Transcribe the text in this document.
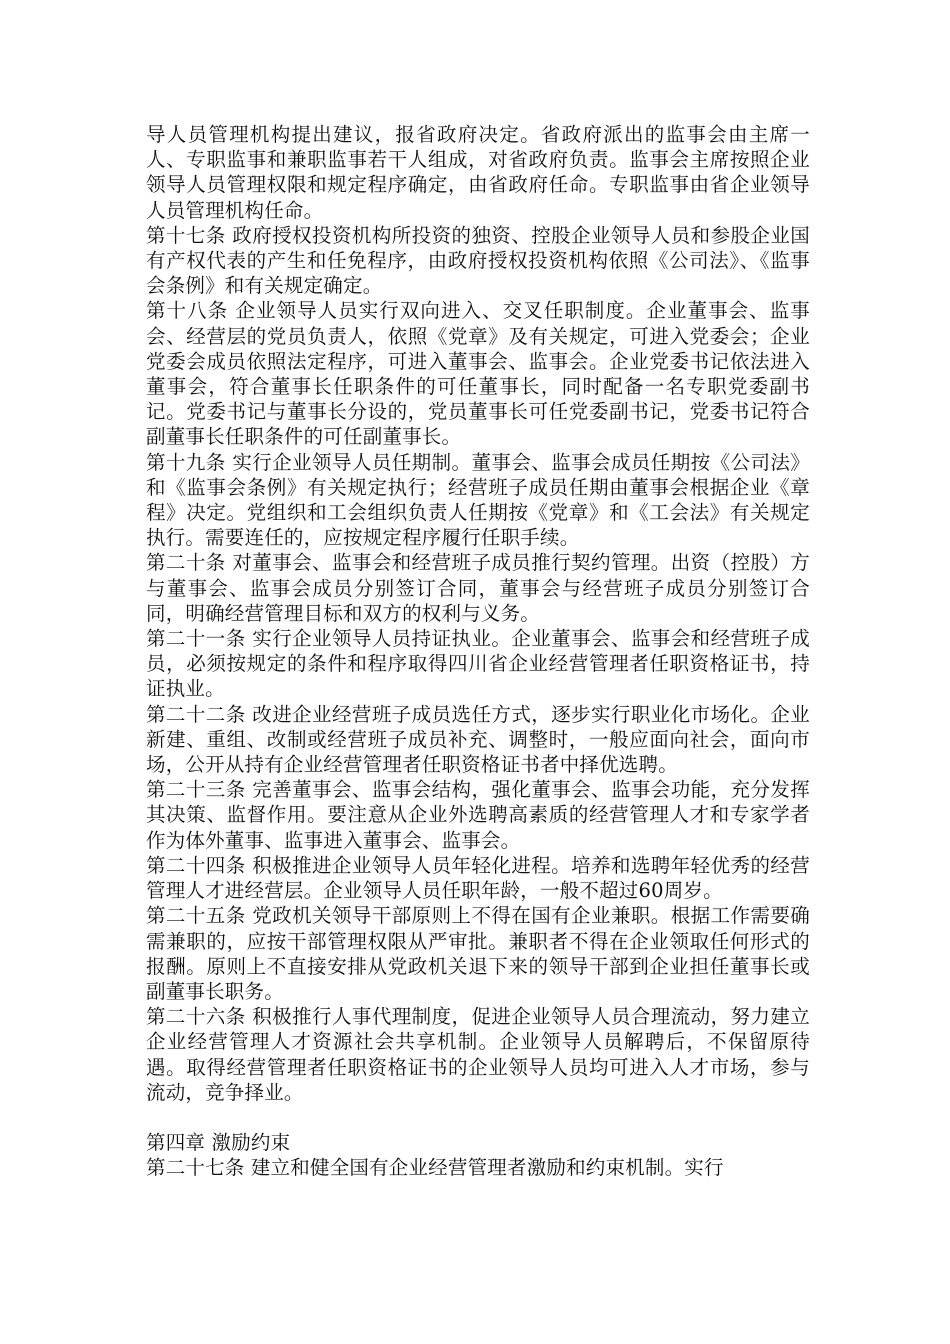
导人员管理机构提出建议，报省政府决定。省政府派出的监事会由主席一人、专职监事和兼职监事若干人组成，对省政府负责。监事会主席按照企业领导人员管理权限和规定程序确定，由省政府任命。专职监事由省企业领导人员管理机构任命。

第十七条 政府授权投资机构所投资的独资、控股企业领导人员和参股企业国有产权代表的产生和任免程序，由政府授权投资机构依照《公司法》、《监事会条例》和有关规定确定。

第十八条 企业领导人员实行双向进入、交叉任职制度。企业董事会、监事会、经营层的党员负责人，依照《党章》及有关规定，可进入党委会；企业党委会成员依照法定程序，可进入董事会、监事会。企业党委书记依法进入董事会，符合董事长任职条件的可任董事长，同时配备一名专职党委副书记。党委书记与董事长分设的，党员董事长可任党委副书记，党委书记符合副董事长任职条件的可任副董事长。

第十九条 实行企业领导人员任期制。董事会、监事会成员任期按《公司法》和《监事会条例》有关规定执行；经营班子成员任期由董事会根据企业《章程》决定。党组织和工会组织负责人任期按《党章》和《工会法》有关规定执行。需要连任的，应按规定程序履行任职手续。

第二十条 对董事会、监事会和经营班子成员推行契约管理。出资（控股）方与董事会、监事会成员分别签订合同，董事会与经营班子成员分别签订合同，明确经营管理目标和双方的权利与义务。

第二十一条 实行企业领导人员持证执业。企业董事会、监事会和经营班子成员，必须按规定的条件和程序取得四川省企业经营管理者任职资格证书，持证执业。

第二十二条 改进企业经营班子成员选任方式，逐步实行职业化市场化。企业新建、重组、改制或经营班子成员补充、调整时，一般应面向社会，面向市场，公开从持有企业经营管理者任职资格证书者中择优选聘。

第二十三条 完善董事会、监事会结构，强化董事会、监事会功能，充分发挥其决策、监督作用。要注意从企业外选聘高素质的经营管理人才和专家学者作为体外董事、监事进入董事会、监事会。

第二十四条 积极推进企业领导人员年轻化进程。培养和选聘年轻优秀的经营管理人才进经营层。企业领导人员任职年龄，一般不超过60周岁。

第二十五条 党政机关领导干部原则上不得在国有企业兼职。根据工作需要确需兼职的，应按干部管理权限从严审批。兼职者不得在企业领取任何形式的报酬。原则上不直接安排从党政机关退下来的领导干部到企业担任董事长或副董事长职务。

第二十六条 积极推行人事代理制度，促进企业领导人员合理流动，努力建立企业经营管理人才资源社会共享机制。企业领导人员解聘后，不保留原待遇。取得经营管理者任职资格证书的企业领导人员均可进入人才市场，参与流动，竞争择业。

第四章 激励约束

第二十七条 建立和健全国有企业经营管理者激励和约束机制。实行
